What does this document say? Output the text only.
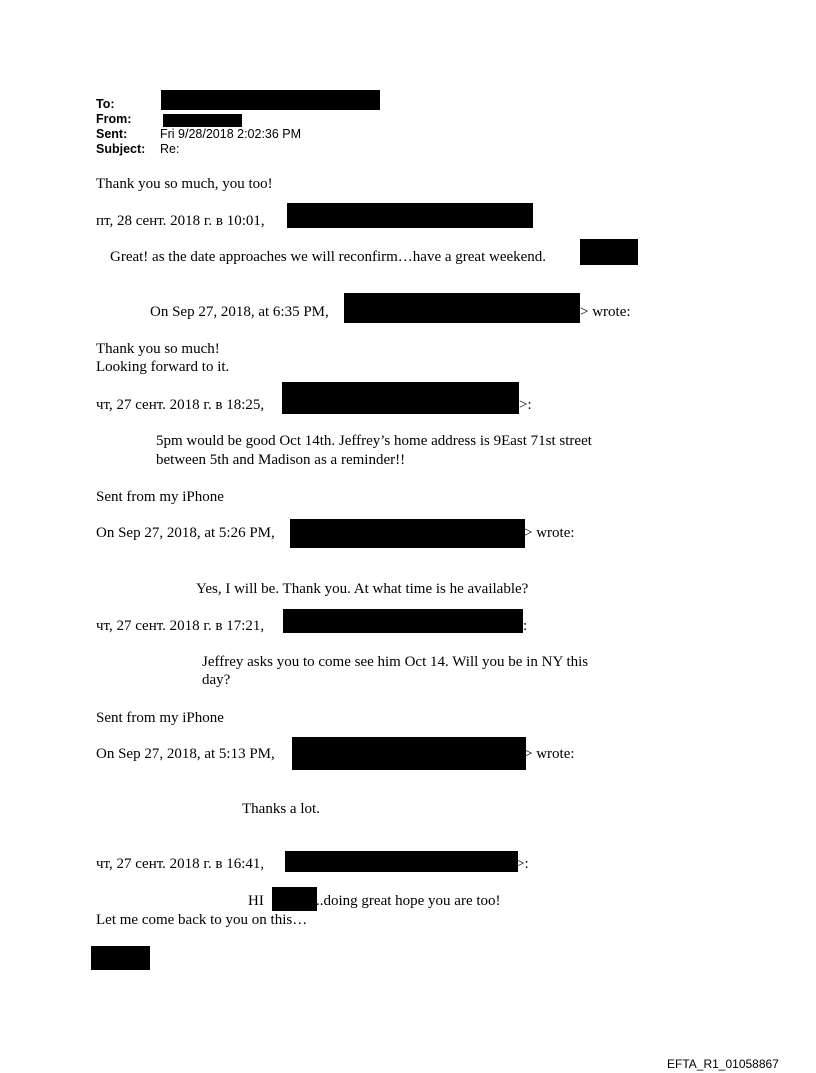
To:
From:
Sent:	Fri 9/28/2018 2:02:36 PM
Subject: Re:
Thank you so much, you too!
пт, 28 сент. 2018 г. в 10:01,
Great! as the date approaches we will reconfirm…have a great weekend.
On Sep 27, 2018, at 6:35 PM,	> wrote:
Thank you so much!
Looking forward to it.
чт, 27 сент. 2018 г. в 18:25,	>:
5pm would be good Oct 14th. Jeffrey’s home address is 9East 71st street
between 5th and Madison as a reminder!!
Sent from my iPhone
On Sep 27, 2018, at 5:26 PM,	> wrote:
Yes, I will be. Thank you. At what time is he available?
чт, 27 сент. 2018 г. в 17:21,	:
Jeffrey asks you to come see him Oct 14. Will you be in NY this
day?
Sent from my iPhone
On Sep 27, 2018, at 5:13 PM,	> wrote:
Thanks a lot.
чт, 27 сент. 2018 г. в 16:41,	>:
HI	..doing great hope you are too!
Let me come back to you on this…
EFTA_R1_01058867
